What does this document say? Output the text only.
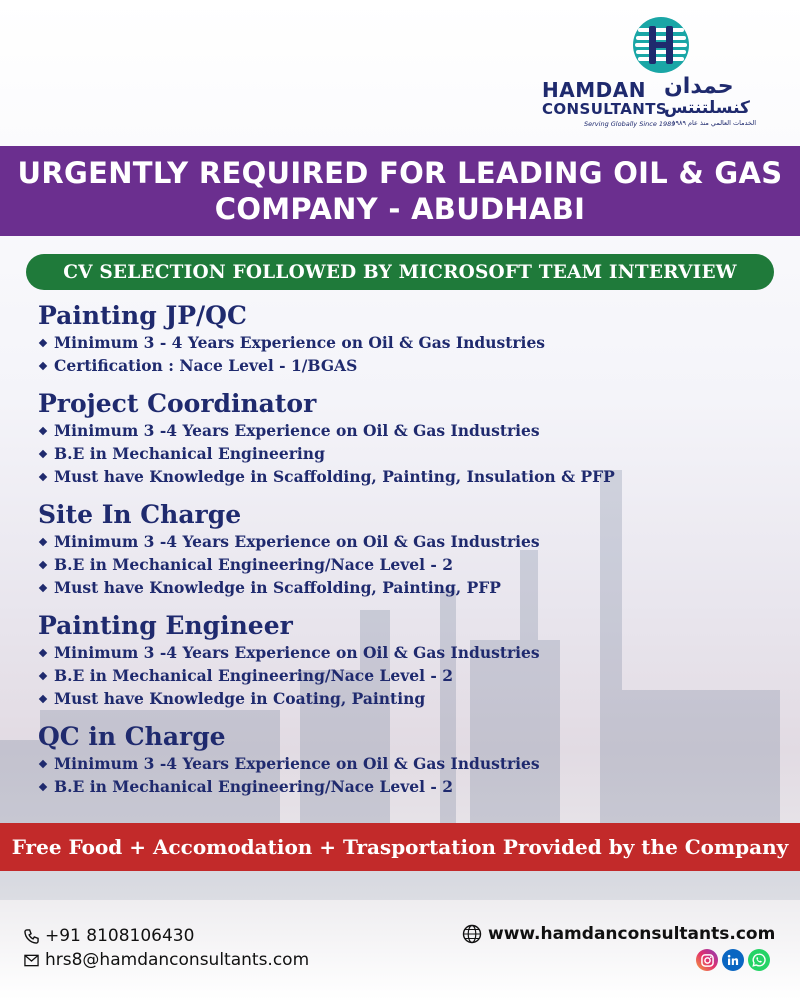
HAMDAN حمدان
CONSULTANTS
كنسلتنتس
Serving Globally Since 1989
الخدمات العالمي منذ عام ١٩٨٩
URGENTLY REQUIRED FOR LEADING OIL & GAS COMPANY - ABUDHABI
CV SELECTION FOLLOWED BY MICROSOFT TEAM INTERVIEW
Painting JP/QC
Minimum 3 - 4 Years Experience on Oil & Gas Industries
Certification : Nace Level - 1/BGAS
Project Coordinator
Minimum 3 -4 Years Experience on Oil & Gas Industries
B.E in Mechanical Engineering
Must have Knowledge in Scaffolding, Painting, Insulation & PFP
Site In Charge
Minimum 3 -4 Years Experience on Oil & Gas Industries
B.E in Mechanical Engineering/Nace Level - 2
Must have Knowledge in Scaffolding, Painting, PFP
Painting Engineer
Minimum 3 -4 Years Experience on Oil & Gas Industries
B.E in Mechanical Engineering/Nace Level - 2
Must have Knowledge in Coating, Painting
QC in Charge
Minimum 3 -4 Years Experience on Oil & Gas Industries
B.E in Mechanical Engineering/Nace Level - 2
Free Food + Accomodation + Trasportation Provided by the Company
+91 8108106430
hrs8@hamdanconsultants.com
www.hamdanconsultants.com
